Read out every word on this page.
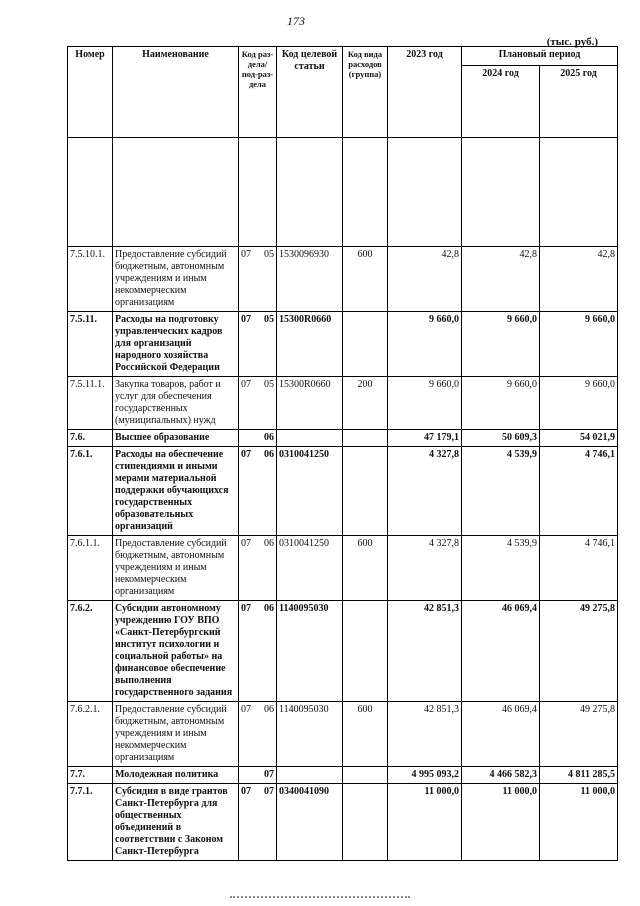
173
(тыс. руб.)
Номер	Наименование	Код раз-дела/ под-раз-дела	Код целевой статьи	Код вида расходов (группа)	2023 год	Плановый период	
						2024 год	2025 год

7.5.10.1.	Предоставление субсидий бюджетным, автономным учреждениям и иным некоммерческим организациям	07 05	1530096930	600	42,8	42,8	42,8
7.5.11.	Расходы на подготовку управленческих кадров для организаций народного хозяйства Российской Федерации	07 05	15300R0660		9 660,0	9 660,0	9 660,0
7.5.11.1.	Закупка товаров, работ и услуг для обеспечения государственных (муниципальных) нужд	07 05	15300R0660	200	9 660,0	9 660,0	9 660,0
7.6.	Высшее образование	06			47 179,1	50 609,3	54 021,9
7.6.1.	Расходы на обеспечение стипендиями и иными мерами материальной поддержки обучающихся государственных образовательных организаций	07 06	0310041250		4 327,8	4 539,9	4 746,1
7.6.1.1.	Предоставление субсидий бюджетным, автономным учреждениям и иным некоммерческим организациям	07 06	0310041250	600	4 327,8	4 539,9	4 746,1
7.6.2.	Субсидии автономному учреждению ГОУ ВПО «Санкт-Петербургский институт психологии и социальной работы» на финансовое обеспечение выполнения государственного задания	07 06	1140095030		42 851,3	46 069,4	49 275,8
7.6.2.1.	Предоставление субсидий бюджетным, автономным учреждениям и иным некоммерческим организациям	07 06	1140095030	600	42 851,3	46 069,4	49 275,8
7.7.	Молодежная политика	07			4 995 093,2	4 466 582,3	4 811 285,5
7.7.1.	Субсидия в виде грантов Санкт-Петербурга для общественных объединений в соответствии с Законом Санкт-Петербурга	07 07	0340041090		11 000,0	11 000,0	11 000,0
